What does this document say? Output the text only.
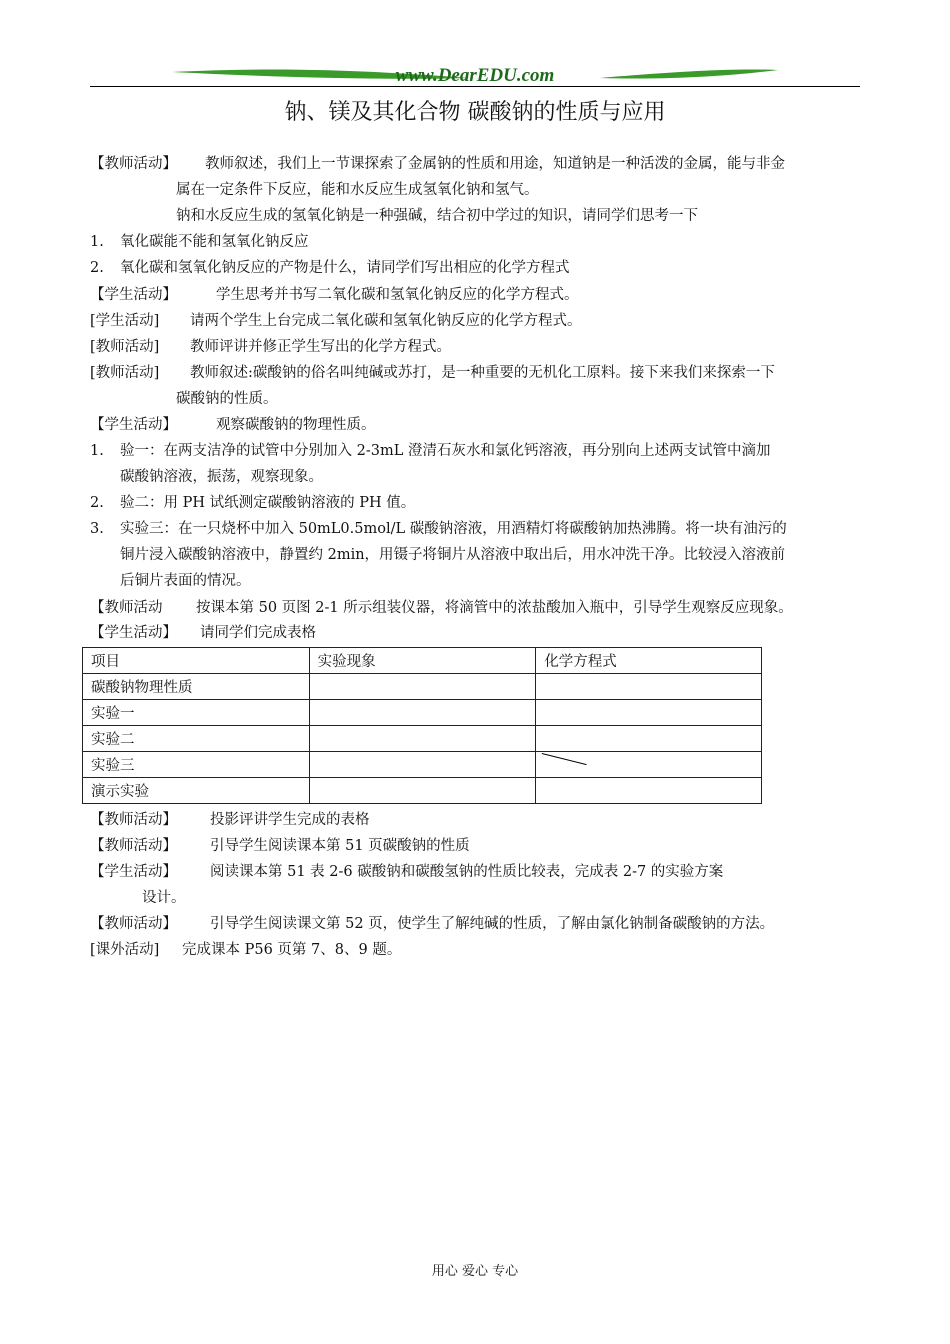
www.DearEDU.com
钠、镁及其化合物 碳酸钠的性质与应用
【教师活动】 教师叙述，我们上一节课探索了金属钠的性质和用途，知道钠是一种活泼的金属，能与非金
属在一定条件下反应，能和水反应生成氢氧化钠和氢气。
钠和水反应生成的氢氧化钠是一种强碱，结合初中学过的知识，请同学们思考一下
1. 氧化碳能不能和氢氧化钠反应
2. 氧化碳和氢氧化钠反应的产物是什么，请同学们写出相应的化学方程式
【学生活动】	学生思考并书写二氧化碳和氢氧化钠反应的化学方程式。
[学生活动] 请两个学生上台完成二氧化碳和氢氧化钠反应的化学方程式。
[教师活动] 教师评讲并修正学生写出的化学方程式。
[教师活动] 教师叙述:碳酸钠的俗名叫纯碱或苏打，是一种重要的无机化工原料。接下来我们来探索一下
碳酸钠的性质。
【学生活动】	观察碳酸钠的物理性质。
1. 验一：在两支洁净的试管中分别加入 2-3mL 澄清石灰水和氯化钙溶液，再分别向上述两支试管中滴加
碳酸钠溶液，振荡，观察现象。
2. 验二：用 PH 试纸测定碳酸钠溶液的 PH 值。
3. 实验三：在一只烧杯中加入 50mL0.5mol/L 碳酸钠溶液，用酒精灯将碳酸钠加热沸腾。将一块有油污的
铜片浸入碳酸钠溶液中，静置约 2min，用镊子将铜片从溶液中取出后，用水冲洗干净。比较浸入溶液前
后铜片表面的情况。
【教师活动 按课本第 50 页图 2-1 所示组装仪器，将滴管中的浓盐酸加入瓶中，引导学生观察反应现象。
【学生活动】 请同学们完成表格
项目	实验现象	化学方程式
碳酸钠物理性质		
实验一		
实验二		
实验三		
演示实验		
【教师活动】 投影评讲学生完成的表格
【教师活动】 引导学生阅读课本第 51 页碳酸钠的性质
【学生活动】 阅读课本第 51 表 2-6 碳酸钠和碳酸氢钠的性质比较表，完成表 2-7 的实验方案
设计。
【教师活动】 引导学生阅读课文第 52 页，使学生了解纯碱的性质，了解由氯化钠制备碳酸钠的方法。
[课外活动] 完成课本 P56 页第 7、8、9 题。
用心 爱心 专心
